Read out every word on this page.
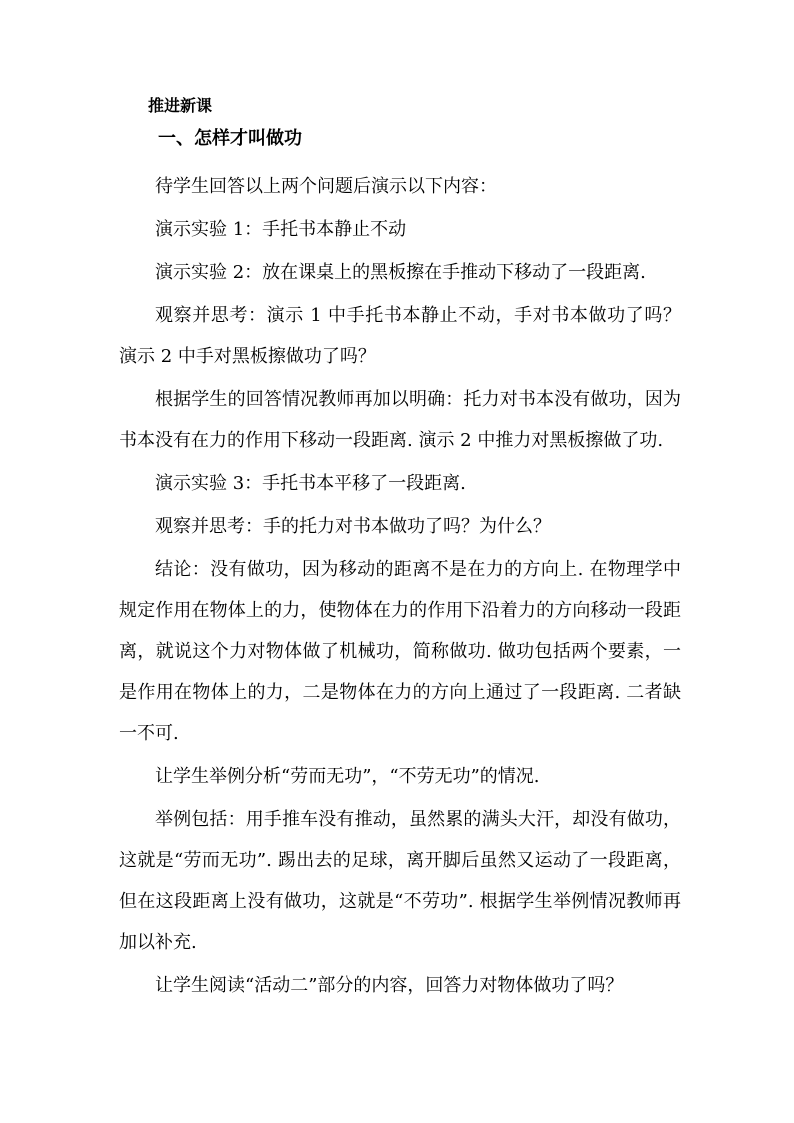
推进新课
一、怎样才叫做功

待学生回答以上两个问题后演示以下内容：

演示实验 1：手托书本静止不动

演示实验 2：放在课桌上的黑板擦在手推动下移动了一段距离.

观察并思考：演示 1 中手托书本静止不动，手对书本做功了吗？演示 2 中手对黑板擦做功了吗？

根据学生的回答情况教师再加以明确：托力对书本没有做功，因为书本没有在力的作用下移动一段距离. 演示 2 中推力对黑板擦做了功.

演示实验 3：手托书本平移了一段距离.

观察并思考：手的托力对书本做功了吗？为什么？

结论：没有做功，因为移动的距离不是在力的方向上. 在物理学中规定作用在物体上的力，使物体在力的作用下沿着力的方向移动一段距离，就说这个力对物体做了机械功，简称做功. 做功包括两个要素，一是作用在物体上的力，二是物体在力的方向上通过了一段距离. 二者缺一不可.

让学生举例分析“劳而无功”，“不劳无功”的情况.

举例包括：用手推车没有推动，虽然累的满头大汗，却没有做功，这就是“劳而无功”. 踢出去的足球，离开脚后虽然又运动了一段距离，但在这段距离上没有做功，这就是“不劳功”. 根据学生举例情况教师再加以补充.

让学生阅读“活动二”部分的内容，回答力对物体做功了吗？
